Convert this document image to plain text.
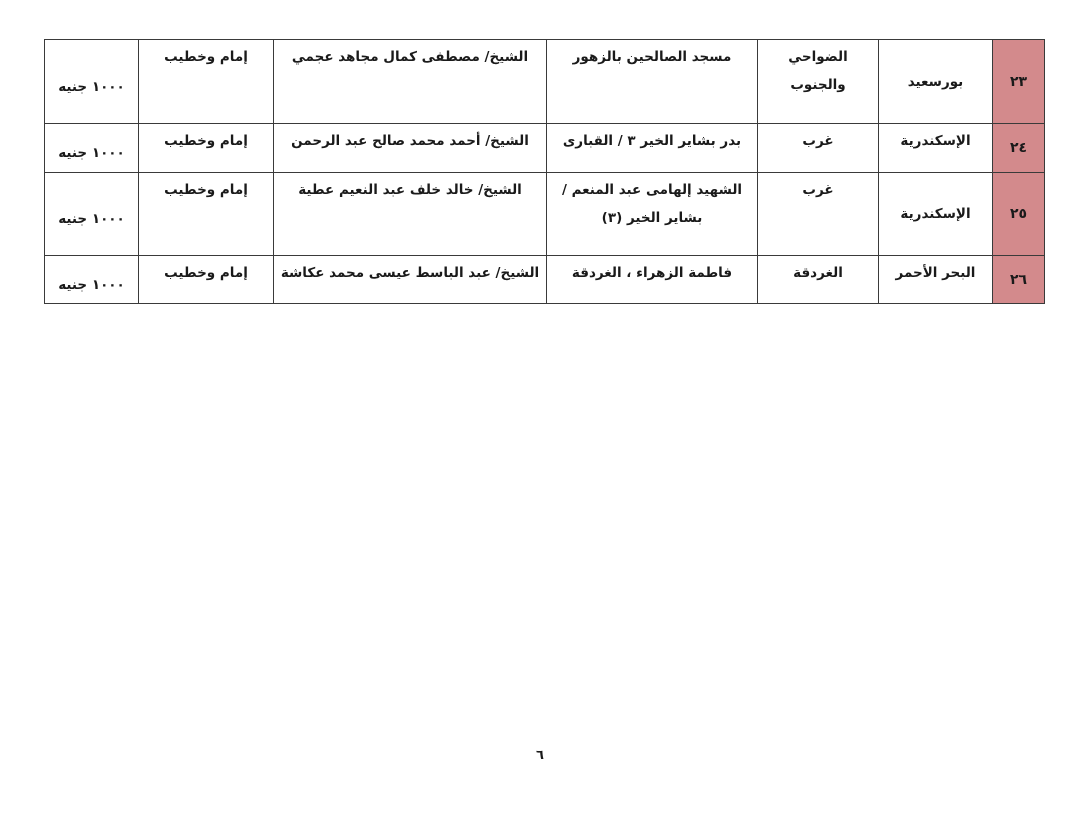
٢٣	بورسعيد	الضواحي والجنوب	مسجد الصالحين بالزهور	الشيخ/ مصطفى كمال مجاهد عجمي	إمام وخطيب	١٠٠٠ جنيه
٢٤	الإسكندرية	غرب	بدر بشاير الخير ٣ / القبارى	الشيخ/ أحمد محمد صالح عبد الرحمن	إمام وخطيب	١٠٠٠ جنيه
٢٥	الإسكندرية	غرب	الشهيد إلهامى عبد المنعم /بشاير الخير (٣)	الشيخ/ خالد خلف عبد النعيم عطية	إمام وخطيب	١٠٠٠ جنيه
٢٦	البحر الأحمر	الغردقة	فاطمة الزهراء ، الغردقة	الشيخ/ عبد الباسط عيسى محمد عكاشة	إمام وخطيب	١٠٠٠ جنيه
٦
